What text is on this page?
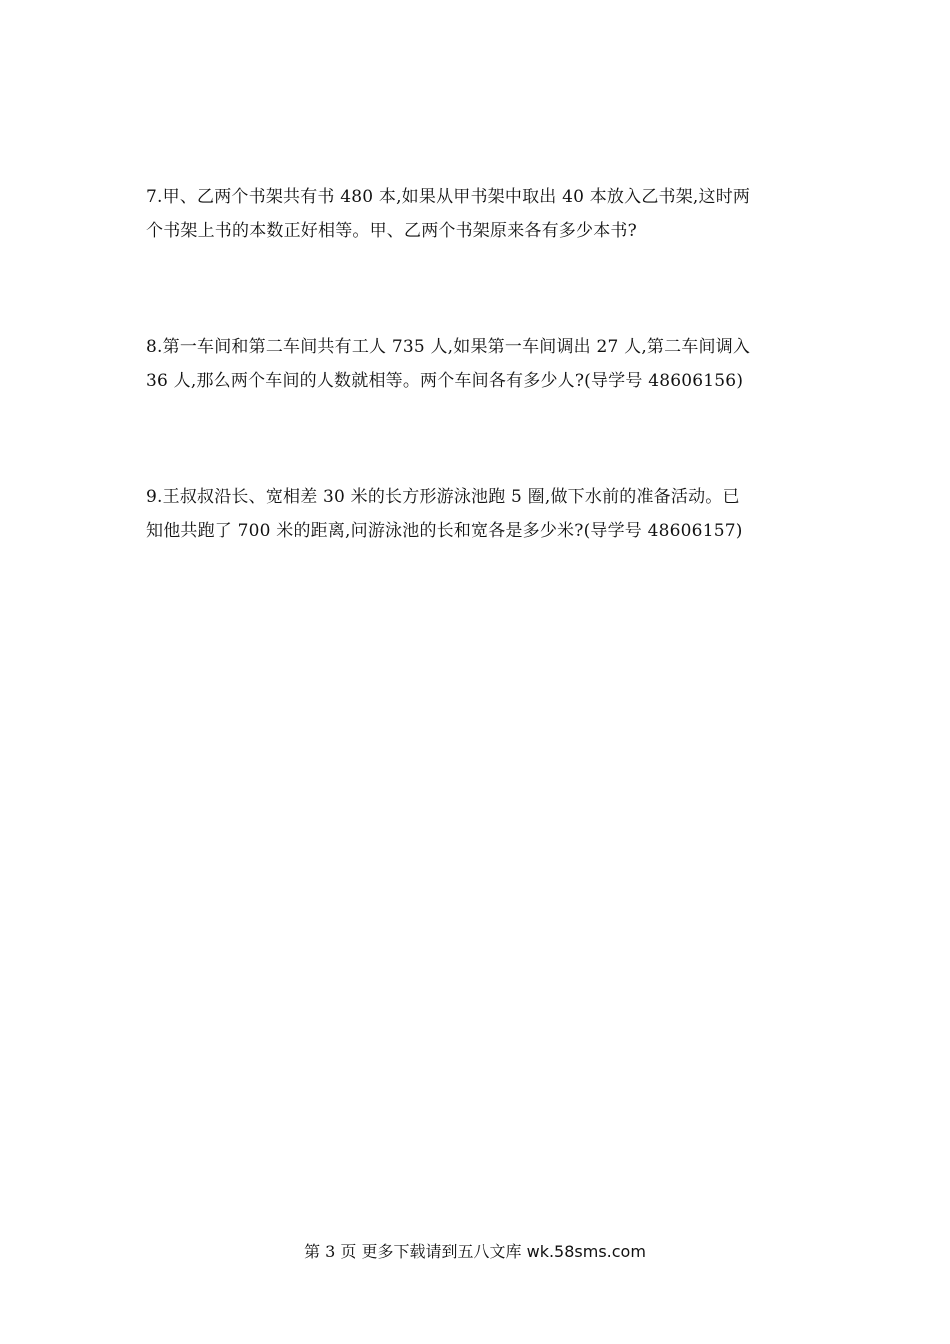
7.甲、乙两个书架共有书 480 本,如果从甲书架中取出 40 本放入乙书架,这时两
个书架上书的本数正好相等。甲、乙两个书架原来各有多少本书?
8.第一车间和第二车间共有工人 735 人,如果第一车间调出 27 人,第二车间调入
36 人,那么两个车间的人数就相等。两个车间各有多少人?(导学号 48606156)
9.王叔叔沿长、宽相差 30 米的长方形游泳池跑 5 圈,做下水前的准备活动。已
知他共跑了 700 米的距离,问游泳池的长和宽各是多少米?(导学号 48606157)
第 3 页 更多下载请到五八文库 wk.58sms.com
